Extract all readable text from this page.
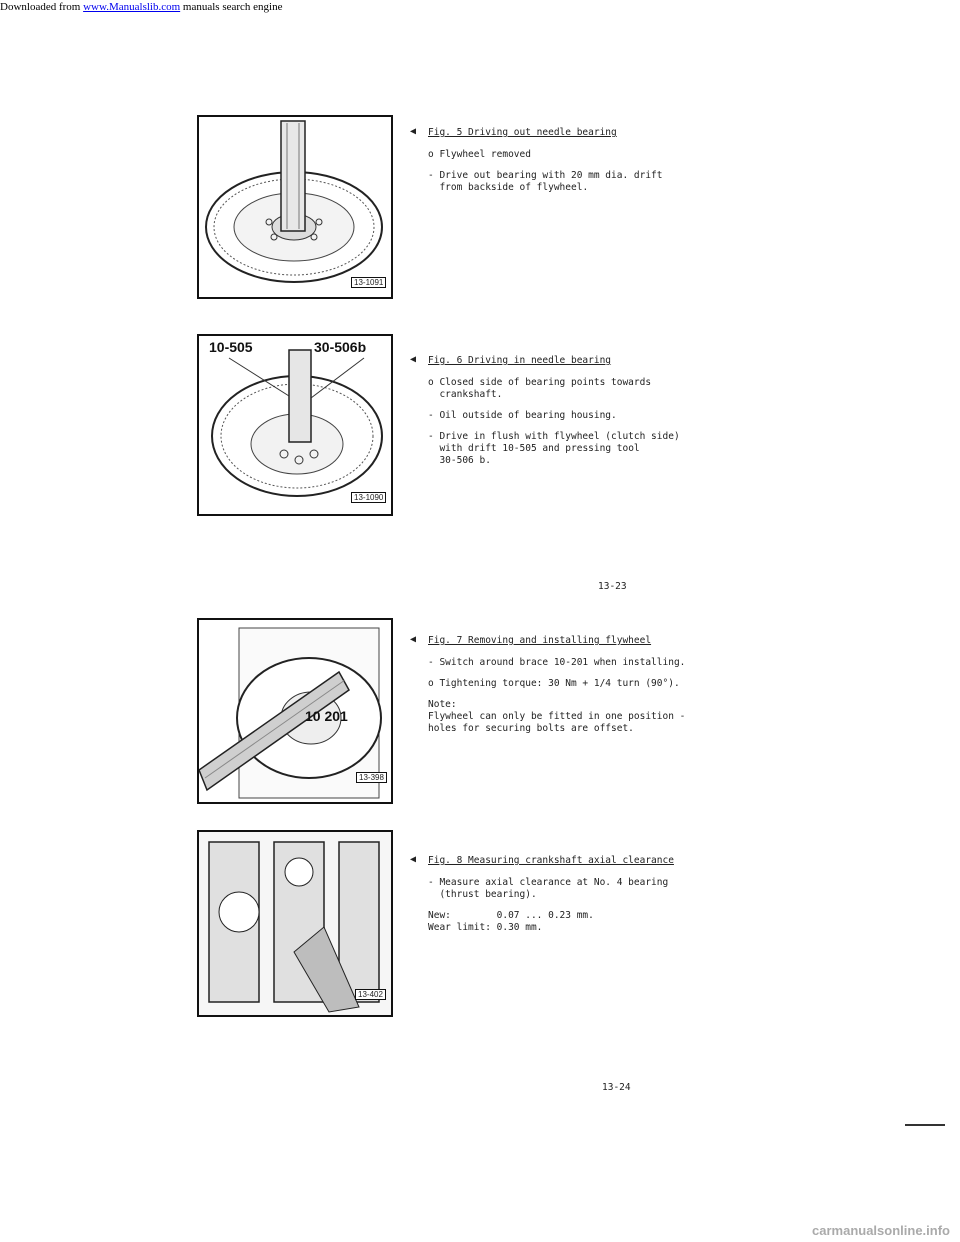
Downloaded from www.Manualslib.com manuals search engine
13-1091
◀ Fig. 5 Driving out needle bearing

o Flywheel removed

- Drive out bearing with 20 mm dia. drift
from backside of flywheel.

10-505	30-506b
13-1090
◀ Fig. 6 Driving in needle bearing

o Closed side of bearing points towards
crankshaft.

- Oil outside of bearing housing.

- Drive in flush with flywheel (clutch side)
with drift 10-505 and pressing tool
30-506 b.

13-23
10 201
13-398
◀ Fig. 7 Removing and installing flywheel

- Switch around brace 10-201 when installing.

o Tightening torque: 30 Nm + 1/4 turn (90°).

Note:
Flywheel can only be fitted in one position -
holes for securing bolts are offset.

13-402
◀ Fig. 8 Measuring crankshaft axial clearance

- Measure axial clearance at No. 4 bearing
(thrust bearing).

New:        0.07 ... 0.23 mm.
Wear limit: 0.30 mm.

13-24
carmanualsonline.info
